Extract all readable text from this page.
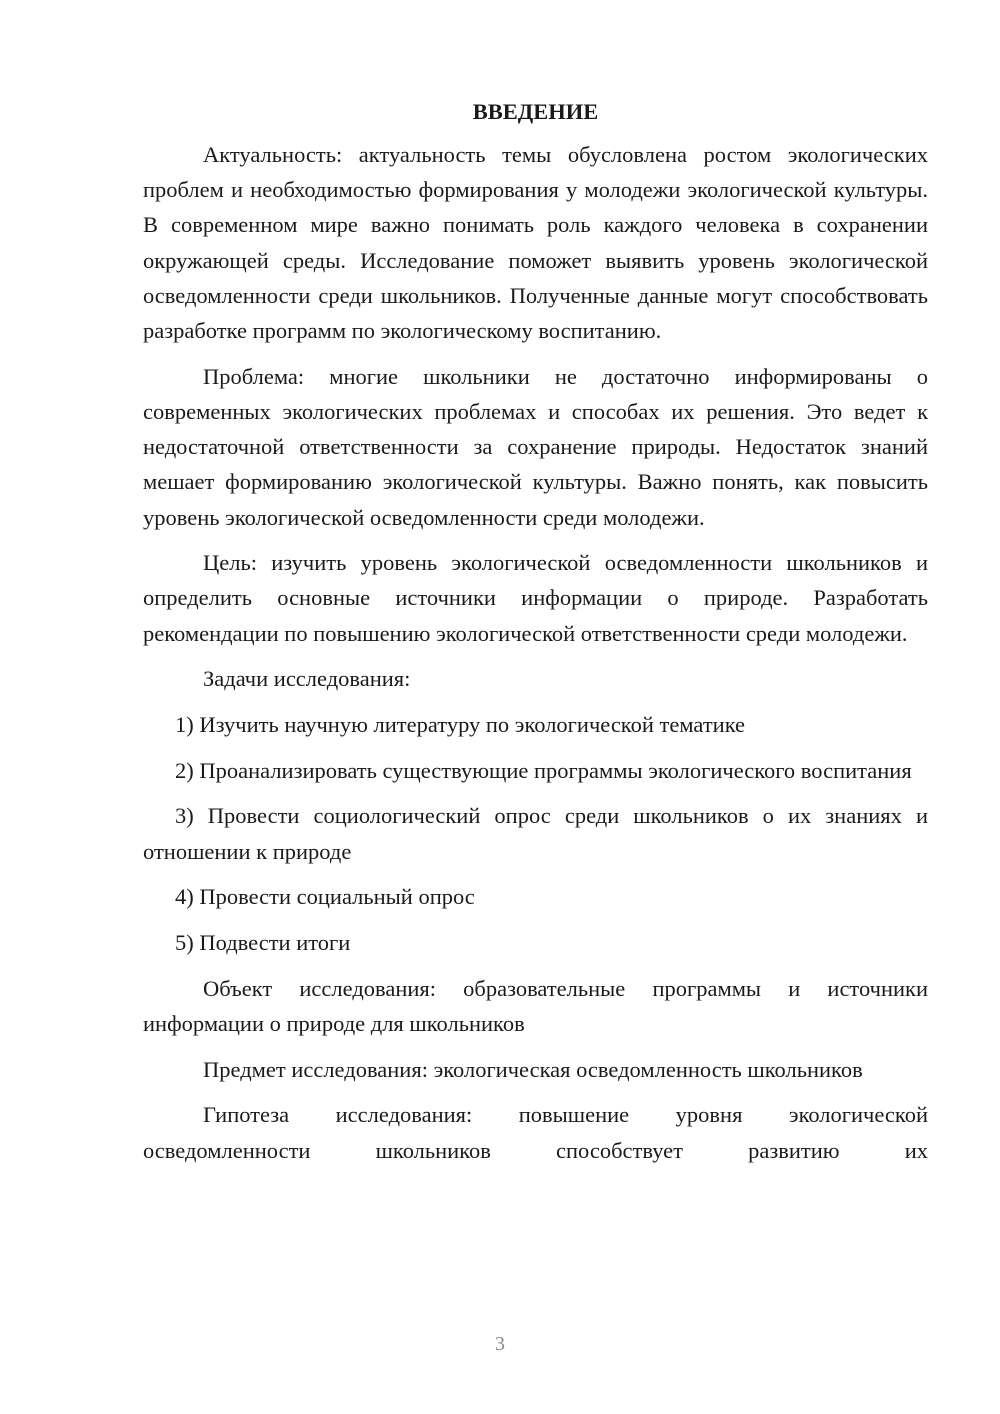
ВВЕДЕНИЕ

Актуальность: актуальность темы обусловлена ростом экологических проблем и необходимостью формирования у молодежи экологической культуры. В современном мире важно понимать роль каждого человека в сохранении окружающей среды. Исследование поможет выявить уровень экологической осведомленности среди школьников. Полученные данные могут способствовать разработке программ по экологическому воспитанию.

Проблема: многие школьники не достаточно информированы о современных экологических проблемах и способах их решения. Это ведет к недостаточной ответственности за сохранение природы. Недостаток знаний мешает формированию экологической культуры. Важно понять, как повысить уровень экологической осведомленности среди молодежи.

Цель: изучить уровень экологической осведомленности школьников и определить основные источники информации о природе. Разработать рекомендации по повышению экологической ответственности среди молодежи.

Задачи исследования:

1) Изучить научную литературу по экологической тематике

2) Проанализировать существующие программы экологического воспитания

3) Провести социологический опрос среди школьников о их знаниях и отношении к природе

4) Провести социальный опрос

5) Подвести итоги

Объект исследования: образовательные программы и источники информации о природе для школьников

Предмет исследования: экологическая осведомленность школьников

Гипотеза исследования: повышение уровня экологической осведомленности школьников способствует развитию их

3
